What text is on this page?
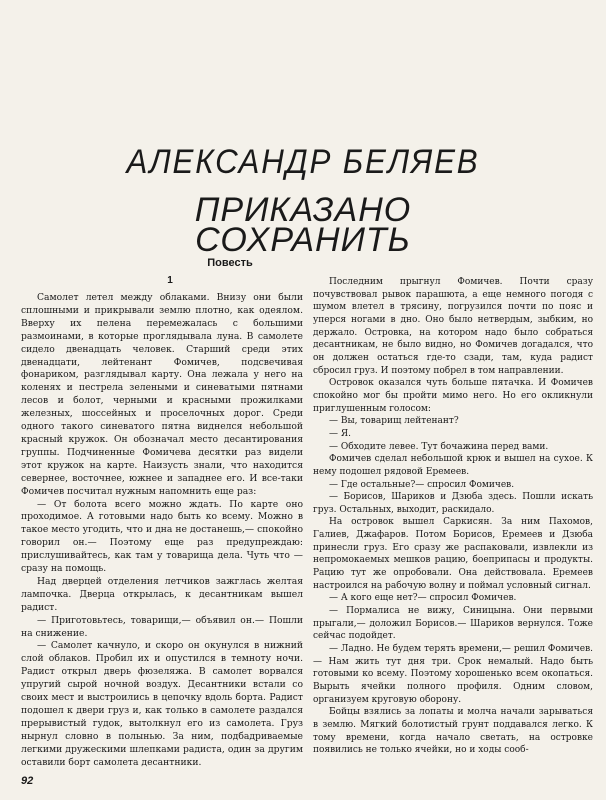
АЛЕКСАНДР БЕЛЯЕВ
ПРИКАЗАНО
СОХРАНИТЬ
Повесть
1

Самолет летел между облаками. Внизу они были сплошными и прикрывали землю плотно, как одеялом. Вверху их пелена перемежалась с большими размоинами, в которые проглядывала луна. В самолете сидело двенадцать человек. Старший среди этих двенадцати, лейтенант Фомичев, подсвечивая фонариком, разглядывал карту. Она лежала у него на коленях и пестрела зелеными и синеватыми пятнами лесов и болот, черными и красными прожилками железных, шоссейных и проселочных дорог. Среди одного такого синеватого пятна виднелся небольшой красный кружок. Он обозначал место десантирования группы. Подчиненные Фомичева десятки раз видели этот кружок на карте. Наизусть знали, что находится севернее, восточнее, южнее и западнее его. И все-таки Фомичев посчитал нужным напомнить еще раз:

— От болота всего можно ждать. По карте оно проходимое. А готовыми надо быть ко всему. Можно в такое место угодить, что и дна не достанешь,— спокойно говорил он.— Поэтому еще раз предупреждаю: прислушивайтесь, как там у товарища дела. Чуть что — сразу на помощь.

Над дверцей отделения летчиков зажглась желтая лампочка. Дверца открылась, к десантникам вышел радист.

— Приготовьтесь, товарищи,— объявил он.— Пошли на снижение.

— Самолет качнуло, и скоро он окунулся в нижний слой облаков. Пробил их и опустился в темноту ночи. Радист открыл дверь фюзеляжа. В самолет ворвался упругий сырой ночной воздух. Десантники встали со своих мест и выстроились в цепочку вдоль борта. Радист подошел к двери груз и, как только в самолете раздался прерывистый гудок, вытолкнул его из самолета. Груз нырнул словно в полынью. За ним, подбадриваемые легкими дружескими шлепками радиста, один за другим оставили борт самолета десантники.

Последним прыгнул Фомичев. Почти сразу почувствовал рывок парашюта, а еще немного погодя с шумом влетел в трясину, погрузился почти по пояс и уперся ногами в дно. Оно было нетвердым, зыбким, но держало. Островка, на котором надо было собраться десантникам, не было видно, но Фомичев догадался, что он должен остаться где-то сзади, там, куда радист сбросил груз. И поэтому побрел в том направлении.

Островок оказался чуть больше пятачка. И Фомичев спокойно мог бы пройти мимо него. Но его окликнули приглушенным голосом:

— Вы, товарищ лейтенант?

— Я.

— Обходите левее. Тут бочажина перед вами.

Фомичев сделал небольшой крюк и вышел на сухое. К нему подошел рядовой Еремеев.

— Где остальные?— спросил Фомичев.

— Борисов, Шариков и Дзюба здесь. Пошли искать груз. Остальных, выходит, раскидало.

На островок вышел Саркисян. За ним Пахомов, Галиев, Джафаров. Потом Борисов, Еремеев и Дзюба принесли груз. Его сразу же распаковали, извлекли из непромокаемых мешков рацию, боеприпасы и продукты. Рацию тут же опробовали. Она действовала. Еремеев настроился на рабочую волну и поймал условный сигнал.

— А кого еще нет?— спросил Фомичев.

— Пормалиса не вижу, Синицына. Они первыми прыгали,— доложил Борисов.— Шариков вернулся. Тоже сейчас подойдет.

— Ладно. Не будем терять времени,— решил Фомичев.— Нам жить тут дня три. Срок немалый. Надо быть готовыми ко всему. Поэтому хорошенько всем окопаться. Вырыть ячейки полного профиля. Одним словом, организуем круговую оборону.

Бойцы взялись за лопаты и молча начали зарываться в землю. Мягкий болотистый грунт поддавался легко. К тому времени, когда начало светать, на островке появились не только ячейки, но и ходы сооб-

92
